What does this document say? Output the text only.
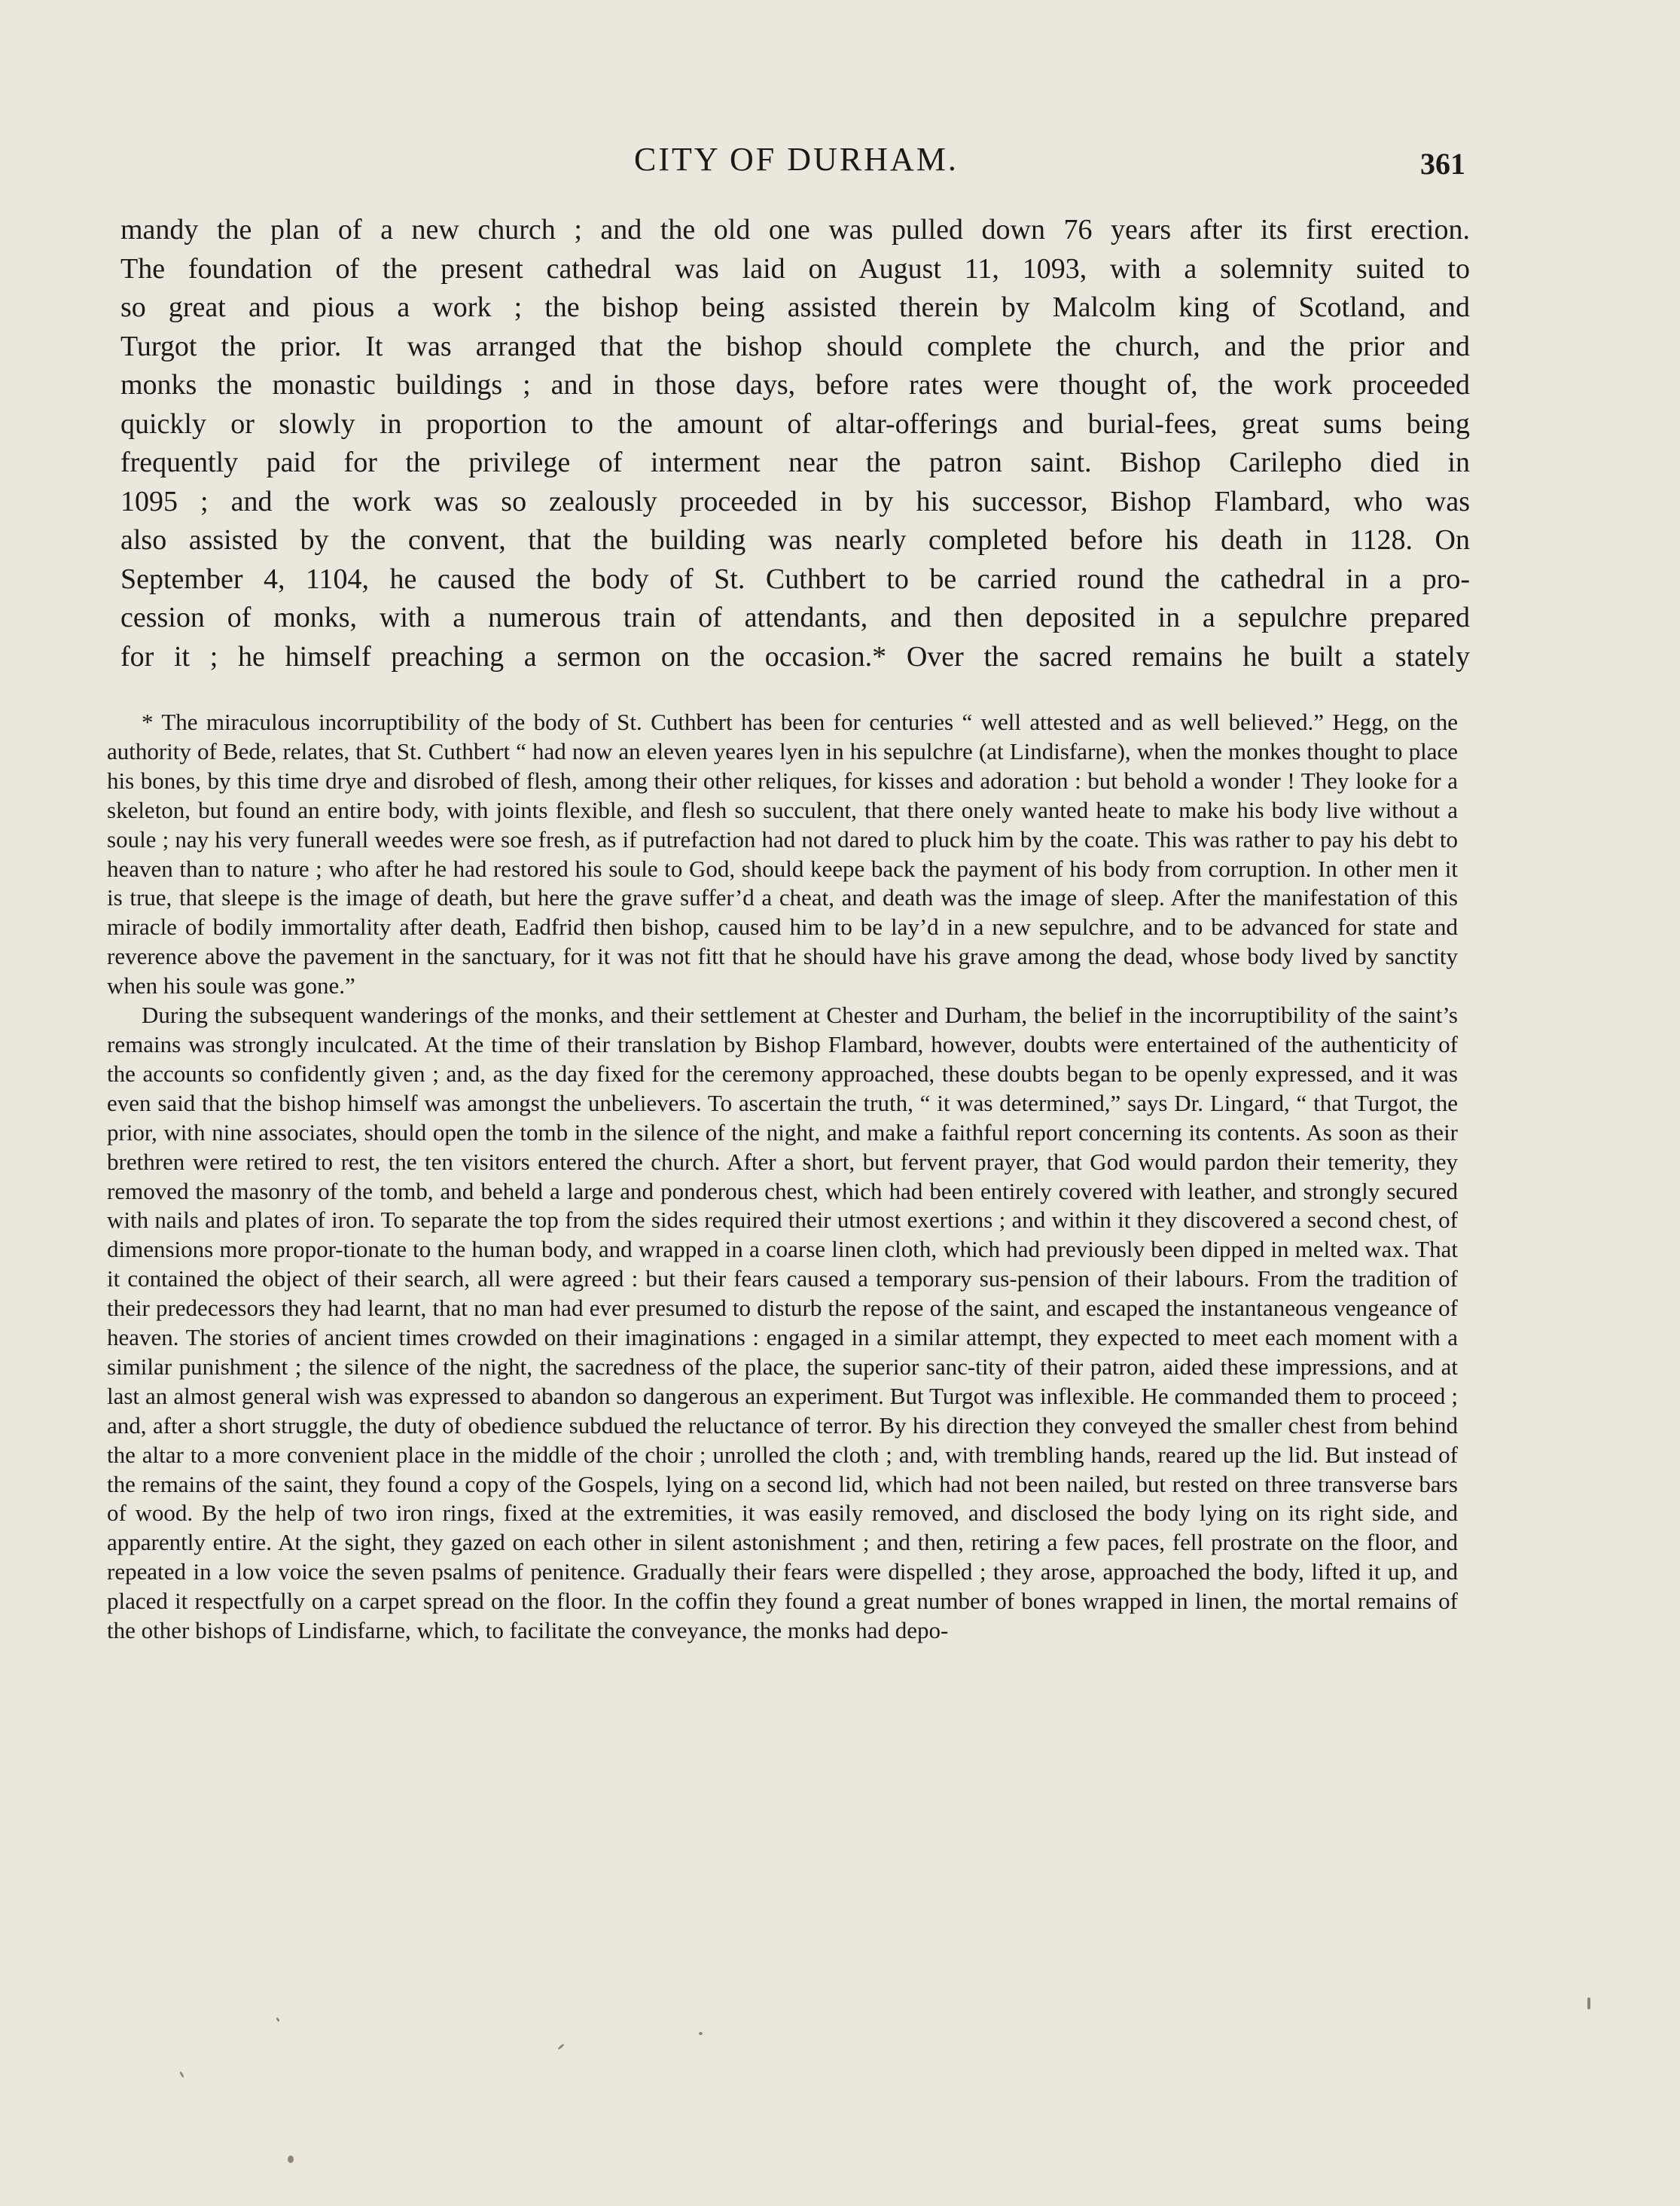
CITY OF DURHAM.	361

mandy the plan of a new church ; and the old one was pulled down 76 years after its first erection.
The foundation of the present cathedral was laid on August 11, 1093, with a solemnity suited to
so great and pious a work ; the bishop being assisted therein by Malcolm king of Scotland, and
Turgot the prior. It was arranged that the bishop should complete the church, and the prior and
monks the monastic buildings ; and in those days, before rates were thought of, the work proceeded
quickly or slowly in proportion to the amount of altar-offerings and burial-fees, great sums being
frequently paid for the privilege of interment near the patron saint. Bishop Carilepho died in
1095 ; and the work was so zealously proceeded in by his successor, Bishop Flambard, who was
also assisted by the convent, that the building was nearly completed before his death in 1128. On
September 4, 1104, he caused the body of St. Cuthbert to be carried round the cathedral in a pro-
cession of monks, with a numerous train of attendants, and then deposited in a sepulchre prepared
for it ; he himself preaching a sermon on the occasion.* Over the sacred remains he built a stately

* The miraculous incorruptibility of the body of St. Cuthbert has been for centuries “ well attested and as well believed.” Hegg, on the authority of Bede, relates, that St. Cuthbert “ had now an eleven yeares lyen in his sepulchre (at Lindisfarne), when the monkes thought to place his bones, by this time drye and disrobed of flesh, among their other reliques, for kisses and adoration : but behold a wonder ! They looke for a skeleton, but found an entire body, with joints flexible, and flesh so succulent, that there onely wanted heate to make his body live without a soule ; nay his very funerall weedes were soe fresh, as if putrefaction had not dared to pluck him by the coate. This was rather to pay his debt to heaven than to nature ; who after he had restored his soule to God, should keepe back the payment of his body from corruption. In other men it is true, that sleepe is the image of death, but here the grave suffer’d a cheat, and death was the image of sleep. After the manifestation of this miracle of bodily immortality after death, Eadfrid then bishop, caused him to be lay’d in a new sepulchre, and to be advanced for state and reverence above the pavement in the sanctuary, for it was not fitt that he should have his grave among the dead, whose body lived by sanctity when his soule was gone.”

During the subsequent wanderings of the monks, and their settlement at Chester and Durham, the belief in the incorruptibility of the saint’s remains was strongly inculcated. At the time of their translation by Bishop Flambard, however, doubts were entertained of the authenticity of the accounts so confidently given ; and, as the day fixed for the ceremony approached, these doubts began to be openly expressed, and it was even said that the bishop himself was amongst the unbelievers. To ascertain the truth, “ it was determined,” says Dr. Lingard, “ that Turgot, the prior, with nine associates, should open the tomb in the silence of the night, and make a faithful report concerning its contents. As soon as their brethren were retired to rest, the ten visitors entered the church. After a short, but fervent prayer, that God would pardon their temerity, they removed the masonry of the tomb, and beheld a large and ponderous chest, which had been entirely covered with leather, and strongly secured with nails and plates of iron. To separate the top from the sides required their utmost exertions ; and within it they discovered a second chest, of dimensions more propor-tionate to the human body, and wrapped in a coarse linen cloth, which had previously been dipped in melted wax. That it contained the object of their search, all were agreed : but their fears caused a temporary sus-pension of their labours. From the tradition of their predecessors they had learnt, that no man had ever presumed to disturb the repose of the saint, and escaped the instantaneous vengeance of heaven. The stories of ancient times crowded on their imaginations : engaged in a similar attempt, they expected to meet each moment with a similar punishment ; the silence of the night, the sacredness of the place, the superior sanc-tity of their patron, aided these impressions, and at last an almost general wish was expressed to abandon so dangerous an experiment. But Turgot was inflexible. He commanded them to proceed ; and, after a short struggle, the duty of obedience subdued the reluctance of terror. By his direction they conveyed the smaller chest from behind the altar to a more convenient place in the middle of the choir ; unrolled the cloth ; and, with trembling hands, reared up the lid. But instead of the remains of the saint, they found a copy of the Gospels, lying on a second lid, which had not been nailed, but rested on three transverse bars of wood. By the help of two iron rings, fixed at the extremities, it was easily removed, and disclosed the body lying on its right side, and apparently entire. At the sight, they gazed on each other in silent astonishment ; and then, retiring a few paces, fell prostrate on the floor, and repeated in a low voice the seven psalms of penitence. Gradually their fears were dispelled ; they arose, approached the body, lifted it up, and placed it respectfully on a carpet spread on the floor. In the coffin they found a great number of bones wrapped in linen, the mortal remains of the other bishops of Lindisfarne, which, to facilitate the conveyance, the monks had depo-
